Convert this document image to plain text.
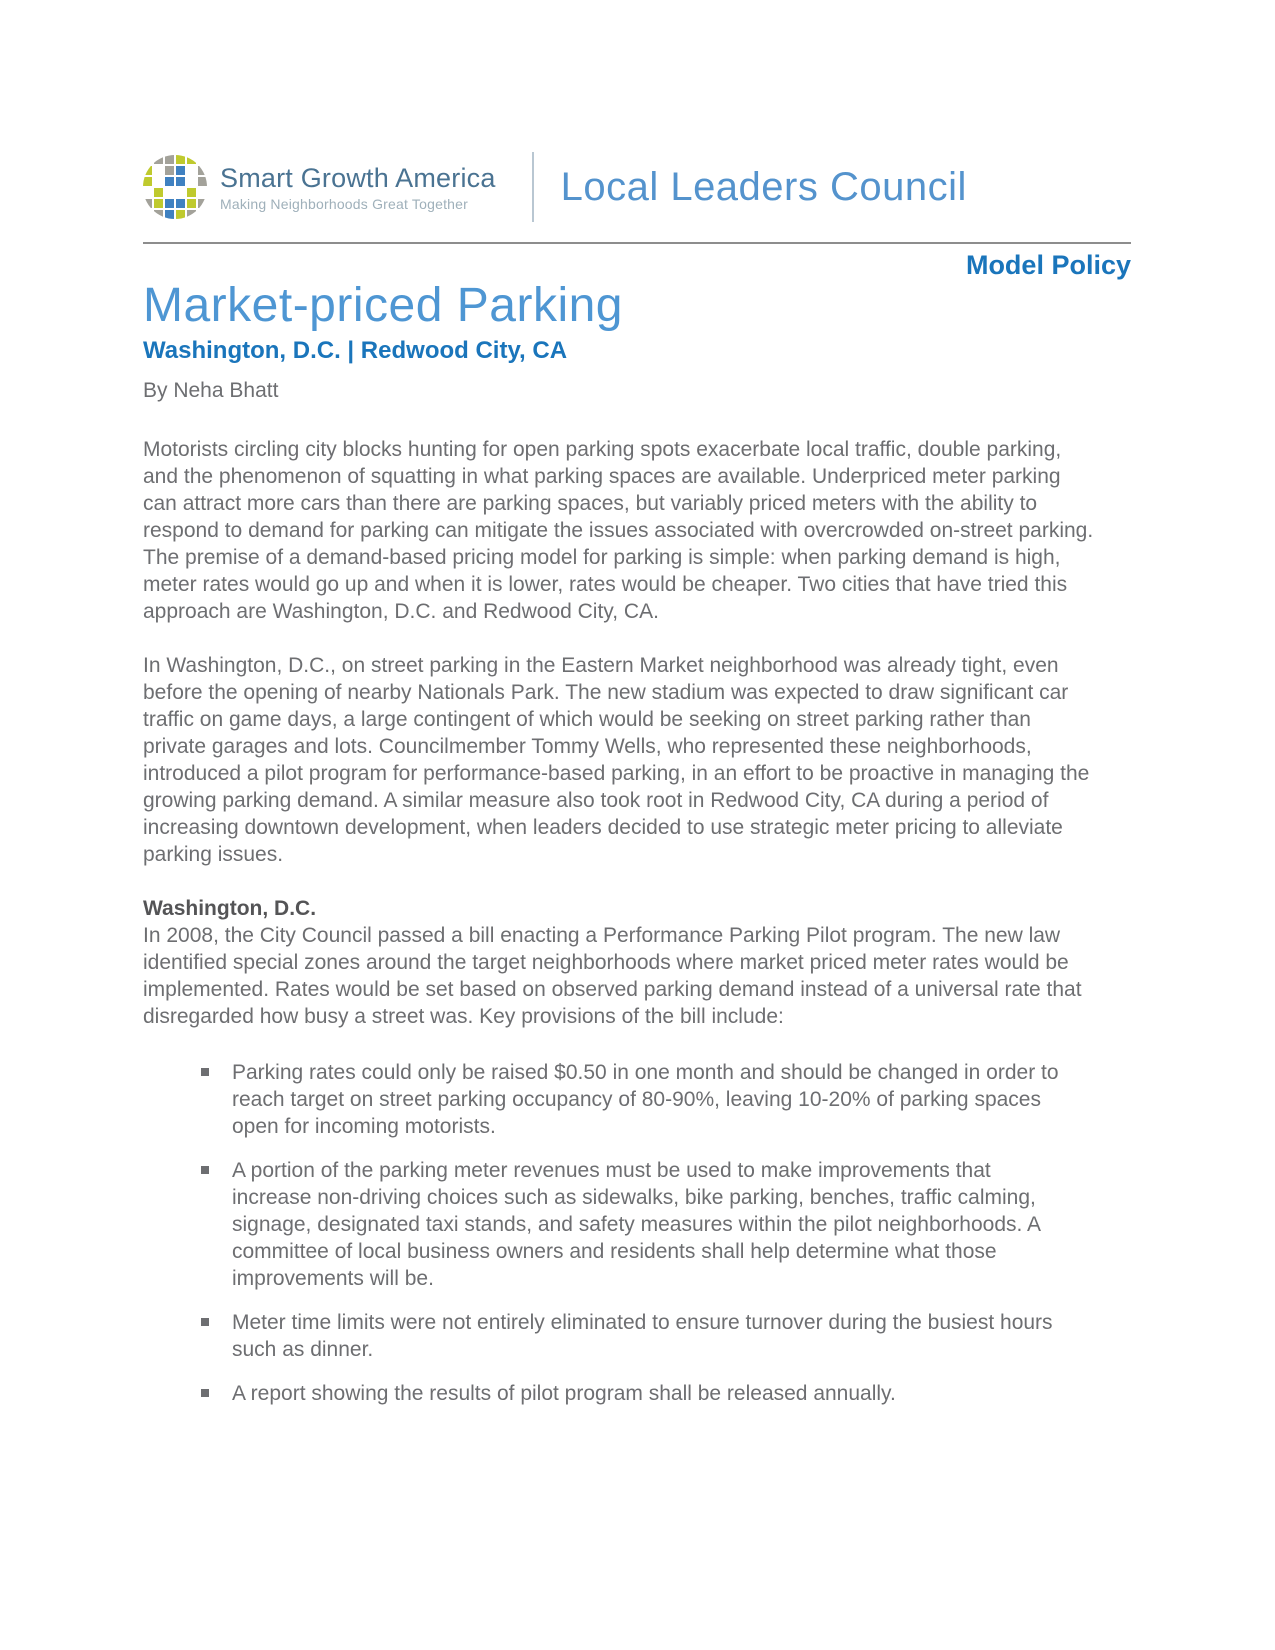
Smart Growth America
Making Neighborhoods Great Together	Local Leaders Council
Model Policy
Market-priced Parking
Washington, D.C. | Redwood City, CA
By Neha Bhatt

Motorists circling city blocks hunting for open parking spots exacerbate local traffic, double parking, and the phenomenon of squatting in what parking spaces are available. Underpriced meter parking can attract more cars than there are parking spaces, but variably priced meters with the ability to respond to demand for parking can mitigate the issues associated with overcrowded on-street parking. The premise of a demand-based pricing model for parking is simple: when parking demand is high, meter rates would go up and when it is lower, rates would be cheaper. Two cities that have tried this approach are Washington, D.C. and Redwood City, CA.

In Washington, D.C., on street parking in the Eastern Market neighborhood was already tight, even before the opening of nearby Nationals Park. The new stadium was expected to draw significant car traffic on game days, a large contingent of which would be seeking on street parking rather than private garages and lots. Councilmember Tommy Wells, who represented these neighborhoods, introduced a pilot program for performance-based parking, in an effort to be proactive in managing the growing parking demand. A similar measure also took root in Redwood City, CA during a period of increasing downtown development, when leaders decided to use strategic meter pricing to alleviate parking issues.

Washington, D.C.

In 2008, the City Council passed a bill enacting a Performance Parking Pilot program. The new law identified special zones around the target neighborhoods where market priced meter rates would be implemented. Rates would be set based on observed parking demand instead of a universal rate that disregarded how busy a street was. Key provisions of the bill include:

Parking rates could only be raised $0.50 in one month and should be changed in order to reach target on street parking occupancy of 80-90%, leaving 10-20% of parking spaces open for incoming motorists.
A portion of the parking meter revenues must be used to make improvements that increase non-driving choices such as sidewalks, bike parking, benches, traffic calming, signage, designated taxi stands, and safety measures within the pilot neighborhoods. A committee of local business owners and residents shall help determine what those improvements will be.
Meter time limits were not entirely eliminated to ensure turnover during the busiest hours such as dinner.
A report showing the results of pilot program shall be released annually.
